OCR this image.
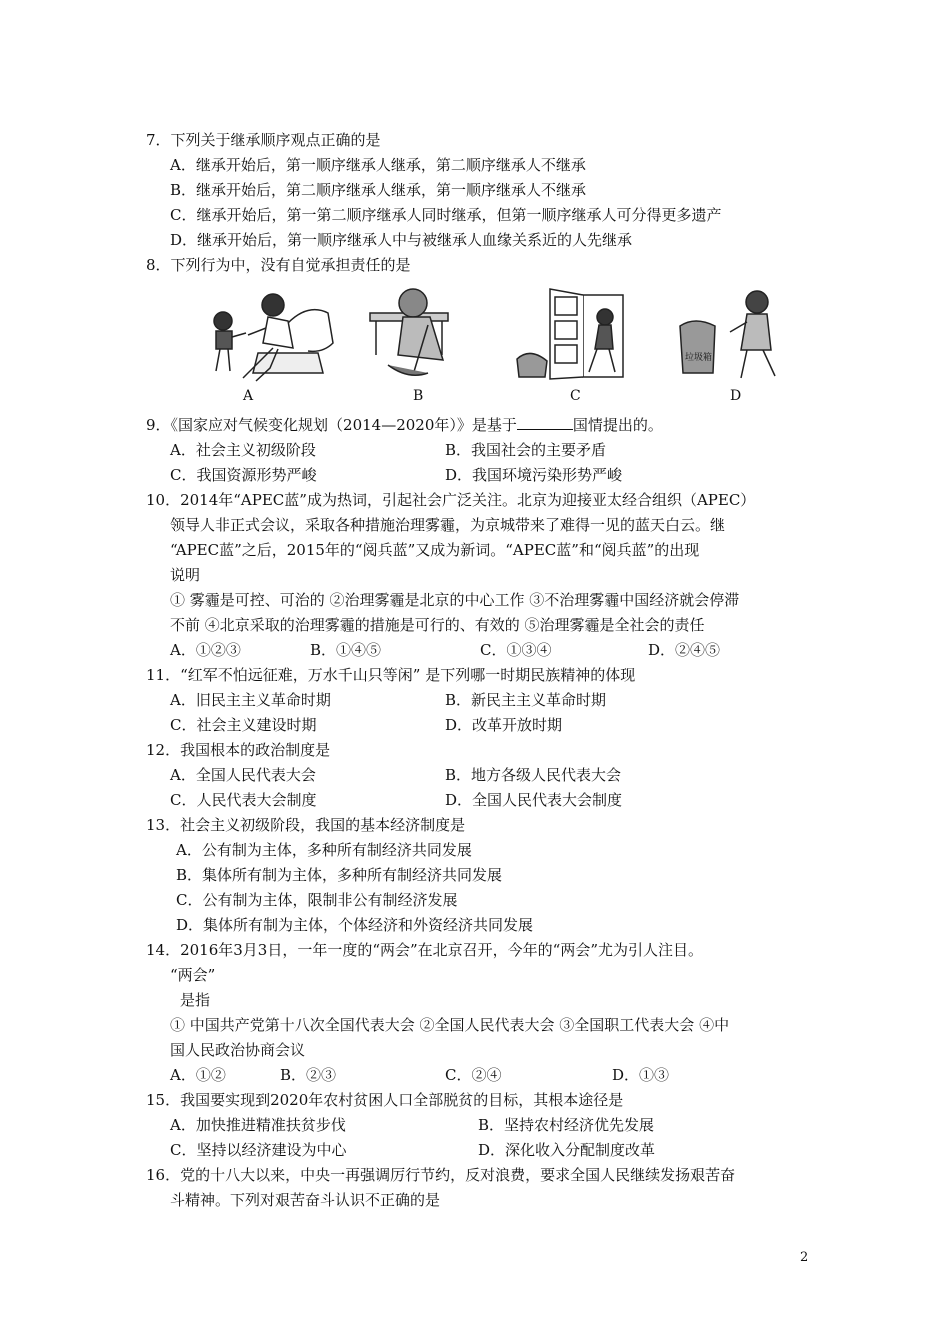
7．下列关于继承顺序观点正确的是
A．继承开始后，第一顺序继承人继承，第二顺序继承人不继承
B．继承开始后，第二顺序继承人继承，第一顺序继承人不继承
C．继承开始后，第一第二顺序继承人同时继承，但第一顺序继承人可分得更多遗产
D．继承开始后，第一顺序继承人中与被继承人血缘关系近的人先继承
8．下列行为中，没有自觉承担责任的是
A	B	C
垃圾箱
D
9．《国家应对气候变化规划（2014—2020年）》是基于	国情提出的。
A．社会主义初级阶段	B．我国社会的主要矛盾
C．我国资源形势严峻	D．我国环境污染形势严峻
10．2014年“APEC蓝”成为热词，引起社会广泛关注。北京为迎接亚太经合组织（APEC）
领导人非正式会议，采取各种措施治理雾霾，为京城带来了难得一见的蓝天白云。继
“APEC蓝”之后，2015年的“阅兵蓝”又成为新词。“APEC蓝”和“阅兵蓝”的出现
说明
① 雾霾是可控、可治的 ②治理雾霾是北京的中心工作 ③不治理雾霾中国经济就会停滞
不前 ④北京采取的治理雾霾的措施是可行的、有效的 ⑤治理雾霾是全社会的责任
A．①②③	B．①④⑤	C．①③④	D．②④⑤
11．“红军不怕远征难，万水千山只等闲” 是下列哪一时期民族精神的体现
A．旧民主主义革命时期	B．新民主主义革命时期
C．社会主义建设时期	D．改革开放时期
12．我国根本的政治制度是
A．全国人民代表大会	B．地方各级人民代表大会
C．人民代表大会制度	D．全国人民代表大会制度
13．社会主义初级阶段，我国的基本经济制度是
A．公有制为主体，多种所有制经济共同发展
B．集体所有制为主体，多种所有制经济共同发展
C．公有制为主体，限制非公有制经济发展
D．集体所有制为主体，个体经济和外资经济共同发展
14．2016年3月3日，一年一度的“两会”在北京召开，今年的“两会”尤为引人注目。
“两会”
是指
① 中国共产党第十八次全国代表大会 ②全国人民代表大会 ③全国职工代表大会 ④中
国人民政治协商会议
A．①②	B．②③	C．②④	D．①③
15．我国要实现到2020年农村贫困人口全部脱贫的目标，其根本途径是
A．加快推进精准扶贫步伐	B．坚持农村经济优先发展
C．坚持以经济建设为中心	D．深化收入分配制度改革
16．党的十八大以来，中央一再强调厉行节约，反对浪费，要求全国人民继续发扬艰苦奋
斗精神。下列对艰苦奋斗认识不正确的是
2
